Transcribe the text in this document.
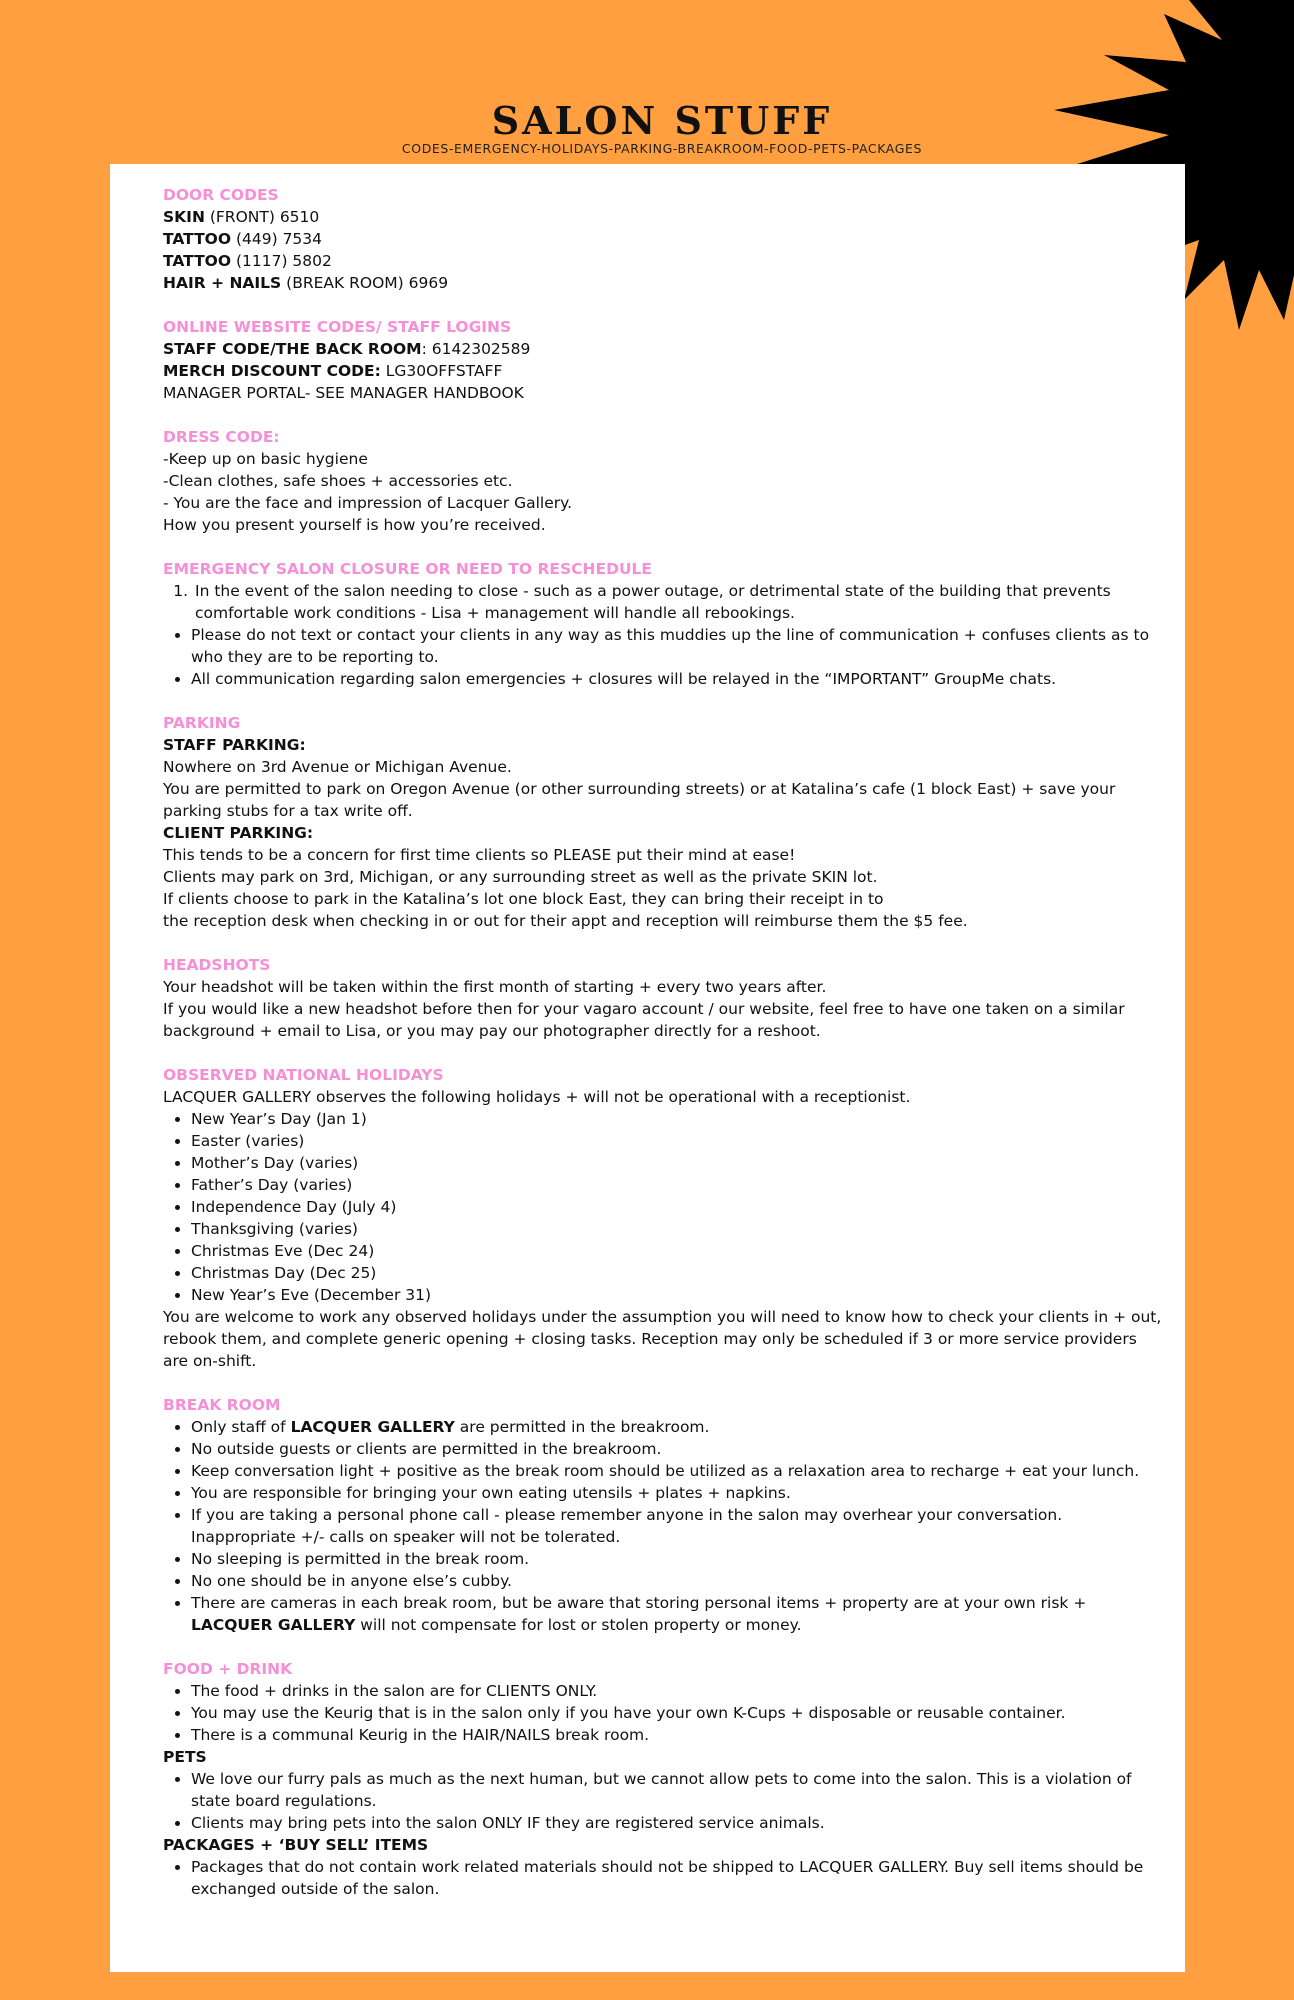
SALON STUFF
CODES-EMERGENCY-HOLIDAYS-PARKING-BREAKROOM-FOOD-PETS-PACKAGES
DOOR CODES
SKIN (FRONT) 6510
TATTOO (449) 7534
TATTOO (1117) 5802
HAIR + NAILS (BREAK ROOM) 6969
ONLINE WEBSITE CODES/ STAFF LOGINS
STAFF CODE/THE BACK ROOM: 6142302589
MERCH DISCOUNT CODE: LG30OFFSTAFF
MANAGER PORTAL- SEE MANAGER HANDBOOK
DRESS CODE:
-Keep up on basic hygiene
-Clean clothes, safe shoes + accessories etc.
- You are the face and impression of Lacquer Gallery.
How you present yourself is how you’re received.
EMERGENCY SALON CLOSURE OR NEED TO RESCHEDULE
1. In the event of the salon needing to close - such as a power outage, or detrimental state of the building that prevents comfortable work conditions - Lisa + management will handle all rebookings.
• Please do not text or contact your clients in any way as this muddies up the line of communication + confuses clients as to who they are to be reporting to.
• All communication regarding salon emergencies + closures will be relayed in the “IMPORTANT” GroupMe chats.
PARKING
STAFF PARKING:
Nowhere on 3rd Avenue or Michigan Avenue.
You are permitted to park on Oregon Avenue (or other surrounding streets) or at Katalina’s cafe (1 block East) + save your parking stubs for a tax write off.
CLIENT PARKING:
This tends to be a concern for first time clients so PLEASE put their mind at ease!
Clients may park on 3rd, Michigan, or any surrounding street as well as the private SKIN lot.
If clients choose to park in the Katalina’s lot one block East, they can bring their receipt in to
the reception desk when checking in or out for their appt and reception will reimburse them the $5 fee.
HEADSHOTS
Your headshot will be taken within the first month of starting + every two years after.
If you would like a new headshot before then for your vagaro account / our website, feel free to have one taken on a similar background + email to Lisa, or you may pay our photographer directly for a reshoot.
OBSERVED NATIONAL HOLIDAYS
LACQUER GALLERY observes the following holidays + will not be operational with a receptionist.
• New Year’s Day (Jan 1)
• Easter (varies)
• Mother’s Day (varies)
• Father’s Day (varies)
• Independence Day (July 4)
• Thanksgiving (varies)
• Christmas Eve (Dec 24)
• Christmas Day (Dec 25)
• New Year’s Eve (December 31)
You are welcome to work any observed holidays under the assumption you will need to know how to check your clients in + out, rebook them, and complete generic opening + closing tasks. Reception may only be scheduled if 3 or more service providers are on-shift.
BREAK ROOM
• Only staff of LACQUER GALLERY are permitted in the breakroom.
• No outside guests or clients are permitted in the breakroom.
• Keep conversation light + positive as the break room should be utilized as a relaxation area to recharge + eat your lunch.
• You are responsible for bringing your own eating utensils + plates + napkins.
• If you are taking a personal phone call - please remember anyone in the salon may overhear your conversation. Inappropriate +/- calls on speaker will not be tolerated.
• No sleeping is permitted in the break room.
• No one should be in anyone else’s cubby.
• There are cameras in each break room, but be aware that storing personal items + property are at your own risk + LACQUER GALLERY will not compensate for lost or stolen property or money.
FOOD + DRINK
• The food + drinks in the salon are for CLIENTS ONLY.
• You may use the Keurig that is in the salon only if you have your own K-Cups + disposable or reusable container.
• There is a communal Keurig in the HAIR/NAILS break room.
PETS
• We love our furry pals as much as the next human, but we cannot allow pets to come into the salon. This is a violation of state board regulations.
• Clients may bring pets into the salon ONLY IF they are registered service animals.
PACKAGES + ‘BUY SELL’ ITEMS
• Packages that do not contain work related materials should not be shipped to LACQUER GALLERY. Buy sell items should be exchanged outside of the salon.
